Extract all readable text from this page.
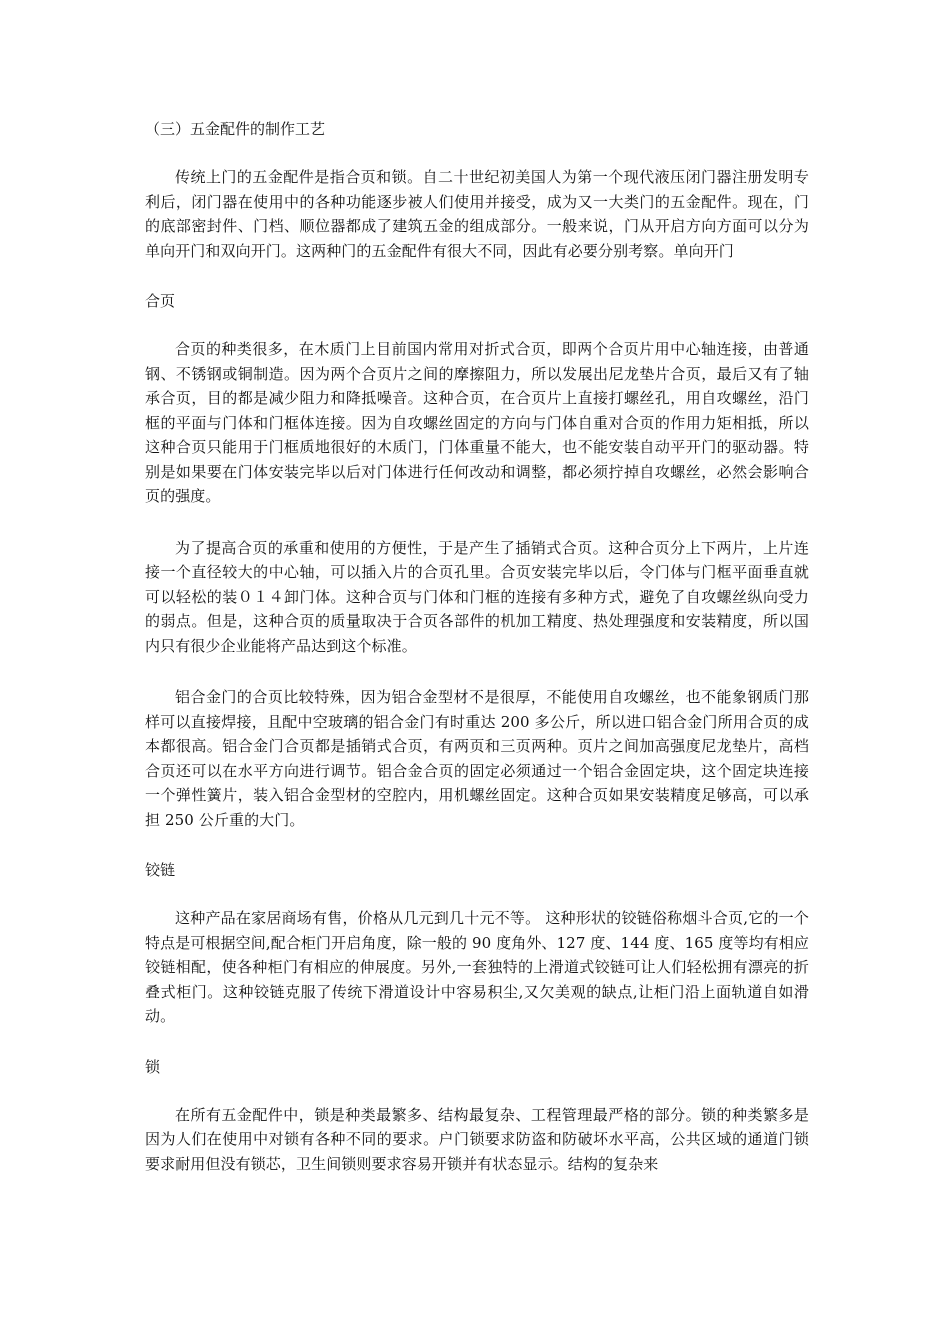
（三）五金配件的制作工艺

传统上门的五金配件是指合页和锁。自二十世纪初美国人为第一个现代液压闭门器注册发明专利后，闭门器在使用中的各种功能逐步被人们使用并接受，成为又一大类门的五金配件。现在，门的底部密封件、门档、顺位器都成了建筑五金的组成部分。一般来说，门从开启方向方面可以分为单向开门和双向开门。这两种门的五金配件有很大不同，因此有必要分别考察。单向开门

合页

合页的种类很多，在木质门上目前国内常用对折式合页，即两个合页片用中心轴连接，由普通钢、不锈钢或铜制造。因为两个合页片之间的摩擦阻力，所以发展出尼龙垫片合页，最后又有了轴承合页，目的都是减少阻力和降抵噪音。这种合页，在合页片上直接打螺丝孔，用自攻螺丝，沿门框的平面与门体和门框体连接。因为自攻螺丝固定的方向与门体自重对合页的作用力矩相抵，所以这种合页只能用于门框质地很好的木质门，门体重量不能大，也不能安装自动平开门的驱动器。特别是如果要在门体安装完毕以后对门体进行任何改动和调整，都必须拧掉自攻螺丝，必然会影响合页的强度。

为了提高合页的承重和使用的方便性，于是产生了插销式合页。这种合页分上下两片，上片连接一个直径较大的中心轴，可以插入片的合页孔里。合页安装完毕以后，令门体与门框平面垂直就可以轻松的装０１４卸门体。这种合页与门体和门框的连接有多种方式，避免了自攻螺丝纵向受力的弱点。但是，这种合页的质量取决于合页各部件的机加工精度、热处理强度和安装精度，所以国内只有很少企业能将产品达到这个标准。

铝合金门的合页比较特殊，因为铝合金型材不是很厚，不能使用自攻螺丝，也不能象钢质门那样可以直接焊接，且配中空玻璃的铝合金门有时重达 200 多公斤，所以进口铝合金门所用合页的成本都很高。铝合金门合页都是插销式合页，有两页和三页两种。页片之间加高强度尼龙垫片，高档合页还可以在水平方向进行调节。铝合金合页的固定必须通过一个铝合金固定块，这个固定块连接一个弹性簧片，装入铝合金型材的空腔内，用机螺丝固定。这种合页如果安装精度足够高，可以承担 250 公斤重的大门。

铰链

这种产品在家居商场有售，价格从几元到几十元不等。 这种形状的铰链俗称烟斗合页,它的一个特点是可根据空间,配合柜门开启角度，除一般的 90 度角外、127 度、144 度、165 度等均有相应铰链相配，使各种柜门有相应的伸展度。另外,一套独特的上滑道式铰链可让人们轻松拥有漂亮的折叠式柜门。这种铰链克服了传统下滑道设计中容易积尘,又欠美观的缺点,让柜门沿上面轨道自如滑动。

锁

在所有五金配件中，锁是种类最繁多、结构最复杂、工程管理最严格的部分。锁的种类繁多是因为人们在使用中对锁有各种不同的要求。户门锁要求防盗和防破坏水平高，公共区域的通道门锁要求耐用但没有锁芯，卫生间锁则要求容易开锁并有状态显示。结构的复杂来
